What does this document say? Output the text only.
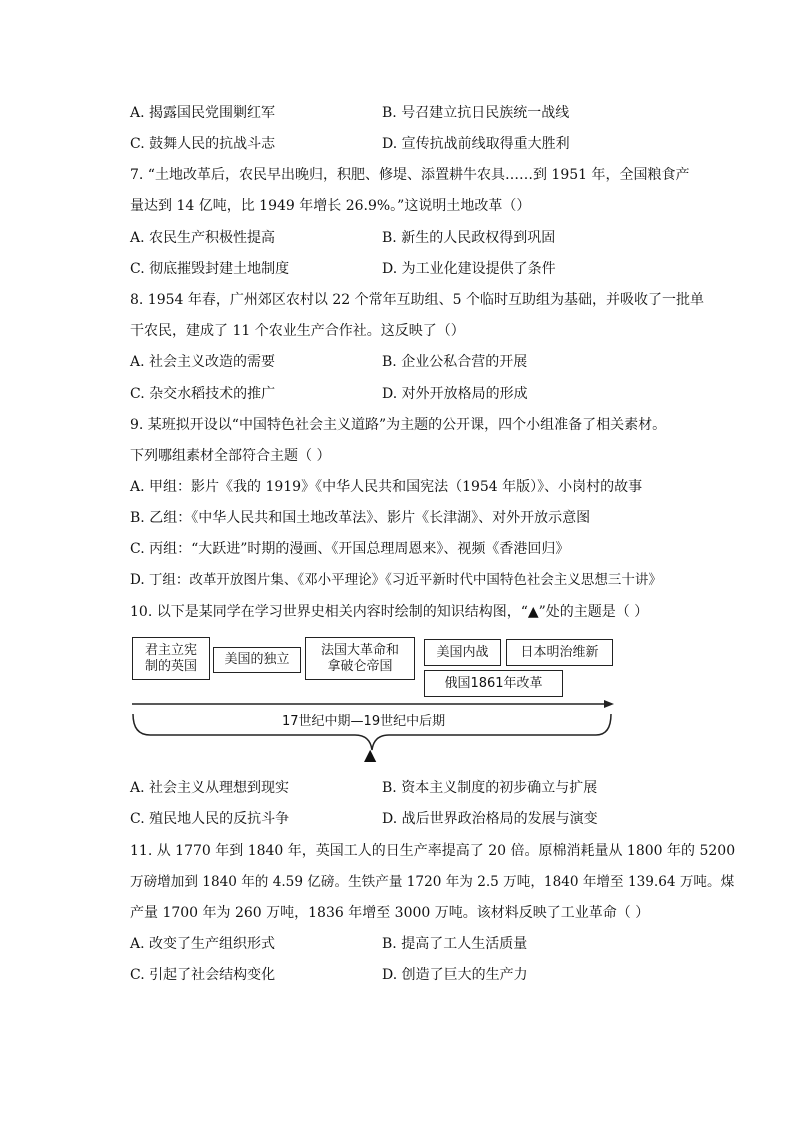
A. 揭露国民党围剿红军	B. 号召建立抗日民族统一战线
C. 鼓舞人民的抗战斗志	D. 宣传抗战前线取得重大胜利
7. “土地改革后，农民早出晚归，积肥、修堤、添置耕牛农具……到 1951 年，全国粮食产
量达到 14 亿吨，比 1949 年增长 26.9%。”这说明土地改革（）
A. 农民生产积极性提高	B. 新生的人民政权得到巩固
C. 彻底摧毁封建土地制度	D. 为工业化建设提供了条件
8. 1954 年春，广州郊区农村以 22 个常年互助组、5 个临时互助组为基础，并吸收了一批单
干农民，建成了 11 个农业生产合作社。这反映了（）
A. 社会主义改造的需要	B. 企业公私合营的开展
C. 杂交水稻技术的推广	D. 对外开放格局的形成
9. 某班拟开设以“中国特色社会主义道路”为主题的公开课，四个小组准备了相关素材。
下列哪组素材全部符合主题（ ）
A. 甲组：影片《我的 1919》《中华人民共和国宪法（1954 年版）》、小岗村的故事
B. 乙组：《中华人民共和国土地改革法》、影片《长津湖》、对外开放示意图
C. 丙组：“大跃进”时期的漫画、《开国总理周恩来》、视频《香港回归》
D. 丁组：改革开放图片集、《邓小平理论》《习近平新时代中国特色社会主义思想三十讲》
10. 以下是某同学在学习世界史相关内容时绘制的知识结构图，“▲”处的主题是（ ）
君主立宪
制的英国	美国的独立
法国大革命和
拿破仑帝国
美国内战	日本明治维新
俄国1861年改革
17世纪中期—19世纪中后期
▲
A. 社会主义从理想到现实	B. 资本主义制度的初步确立与扩展
C. 殖民地人民的反抗斗争	D. 战后世界政治格局的发展与演变
11. 从 1770 年到 1840 年，英国工人的日生产率提高了 20 倍。原棉消耗量从 1800 年的 5200
万磅增加到 1840 年的 4.59 亿磅。生铁产量 1720 年为 2.5 万吨，1840 年增至 139.64 万吨。煤
产量 1700 年为 260 万吨，1836 年增至 3000 万吨。该材料反映了工业革命（ ）
A. 改变了生产组织形式	B. 提高了工人生活质量
C. 引起了社会结构变化	D. 创造了巨大的生产力
